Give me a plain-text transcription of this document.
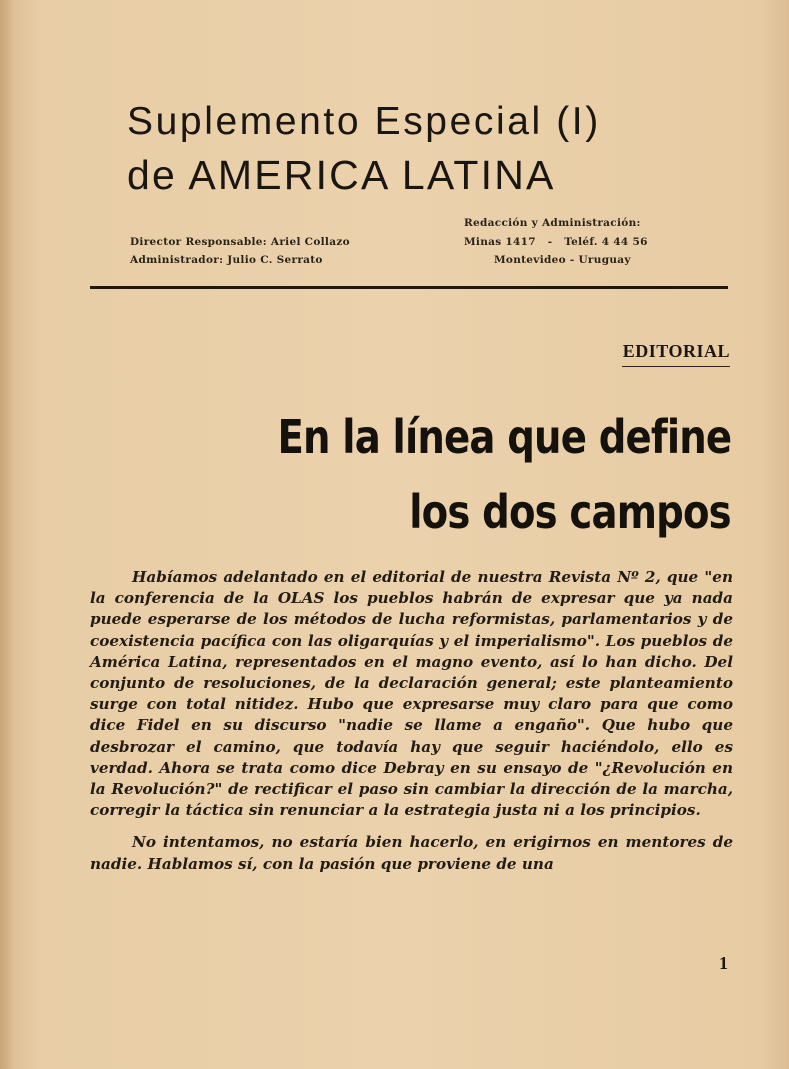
Suplemento Especial (I)
de AMERICA LATINA
Director Responsable: Ariel Collazo
Administrador: Julio C. Serrato
Redacción y Administración:
Minas 1417   -   Teléf. 4 44 56
Montevideo - Uruguay
EDITORIAL
En la línea que define
los dos campos

Habíamos adelantado en el editorial de nuestra Revista Nº 2, que "en la conferencia de la OLAS los pueblos habrán de expresar que ya nada puede esperarse de los métodos de lucha reformistas, parlamentarios y de coexistencia pacífica con las oligarquías y el imperialismo". Los pueblos de América Latina, representados en el magno evento, así lo han dicho. Del conjunto de resoluciones, de la declaración general; este planteamiento surge con total nitidez. Hubo que expresarse muy claro para que como dice Fidel en su discurso "nadie se llame a engaño". Que hubo que desbrozar el camino, que todavía hay que seguir haciéndolo, ello es verdad. Ahora se trata como dice Debray en su ensayo de "¿Revolución en la Revolución?" de rectificar el paso sin cambiar la dirección de la marcha, corregir la táctica sin renunciar a la estrategia justa ni a los principios.

No intentamos, no estaría bien hacerlo, en erigirnos en mentores de nadie. Hablamos sí, con la pasión que proviene de una

1
